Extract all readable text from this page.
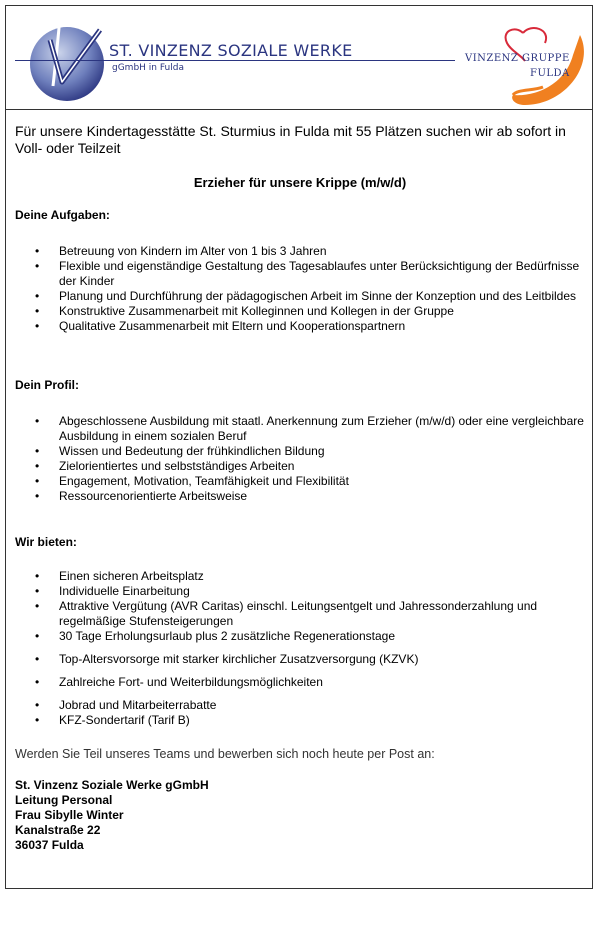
ST. VINZENZ SOZIALE WERKE
gGmbH in Fulda
VINZENZ GRUPPE
FULDA

Für unsere Kindertagesstätte St. Sturmius in Fulda mit 55 Plätzen suchen wir ab sofort in Voll- oder Teilzeit

Erzieher für unsere Krippe (m/w/d)

Deine Aufgaben:

• Betreuung von Kindern im Alter von 1 bis 3 Jahren
• Flexible und eigenständige Gestaltung des Tagesablaufes unter Berücksichtigung der Bedürfnisse der Kinder
• Planung und Durchführung der pädagogischen Arbeit im Sinne der Konzeption und des Leitbildes
• Konstruktive Zusammenarbeit mit Kolleginnen und Kollegen in der Gruppe
• Qualitative Zusammenarbeit mit Eltern und Kooperationspartnern

Dein Profil:

• Abgeschlossene Ausbildung mit staatl. Anerkennung zum Erzieher (m/w/d) oder eine vergleichbare Ausbildung in einem sozialen Beruf
• Wissen und Bedeutung der frühkindlichen Bildung
• Zielorientiertes und selbstständiges Arbeiten
• Engagement, Motivation, Teamfähigkeit und Flexibilität
• Ressourcenorientierte Arbeitsweise

Wir bieten:

• Einen sicheren Arbeitsplatz
• Individuelle Einarbeitung
• Attraktive Vergütung (AVR Caritas) einschl. Leitungsentgelt und Jahressonderzahlung und regelmäßige Stufensteigerungen
• 30 Tage Erholungsurlaub plus 2 zusätzliche Regenerationstage
• Top-Altersvorsorge mit starker kirchlicher Zusatzversorgung (KZVK)
• Zahlreiche Fort- und Weiterbildungsmöglichkeiten
• Jobrad und Mitarbeiterrabatte
• KFZ-Sondertarif (Tarif B)

Werden Sie Teil unseres Teams und bewerben sich noch heute per Post an:

St. Vinzenz Soziale Werke gGmbH

Leitung Personal

Frau Sibylle Winter

Kanalstraße 22

36037 Fulda
